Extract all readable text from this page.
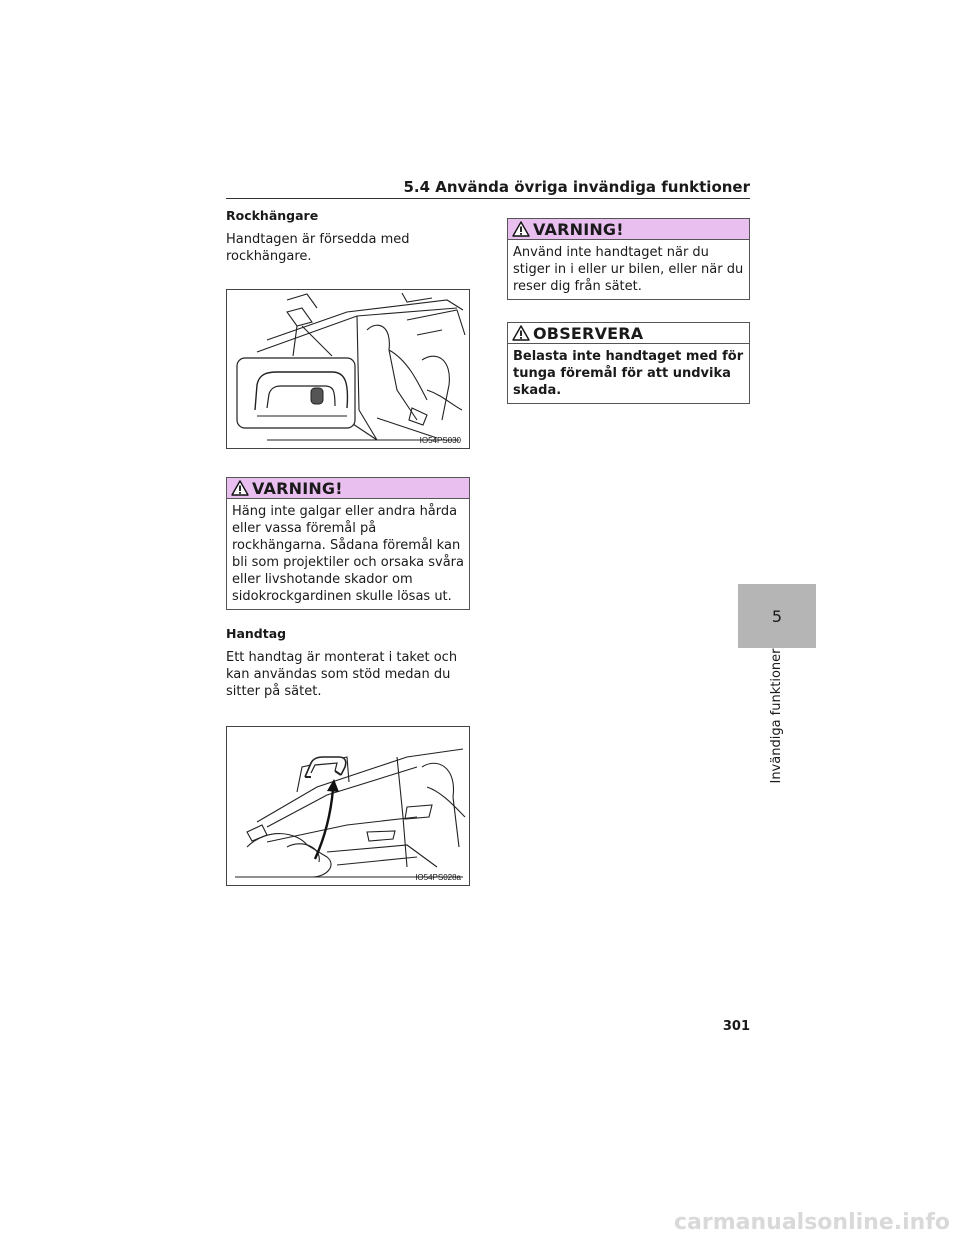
5.4 Använda övriga invändiga funktioner

Rockhängare

Handtagen är försedda med rockhängare.

IO54PS030
VARNING!
Häng inte galgar eller andra hårda eller vassa föremål på rockhängarna. Sådana föremål kan bli som projektiler och orsaka svåra eller livshotande skador om sidokrockgardinen skulle lösas ut.

Handtag

Ett handtag är monterat i taket och kan användas som stöd medan du sitter på sätet.

IO54PS028a
VARNING!
Använd inte handtaget när du stiger in i eller ur bilen, eller när du reser dig från sätet.
OBSERVERA
Belasta inte handtaget med för tunga föremål för att undvika skada.
5
Invändiga funktioner
301
carmanualsonline.info
